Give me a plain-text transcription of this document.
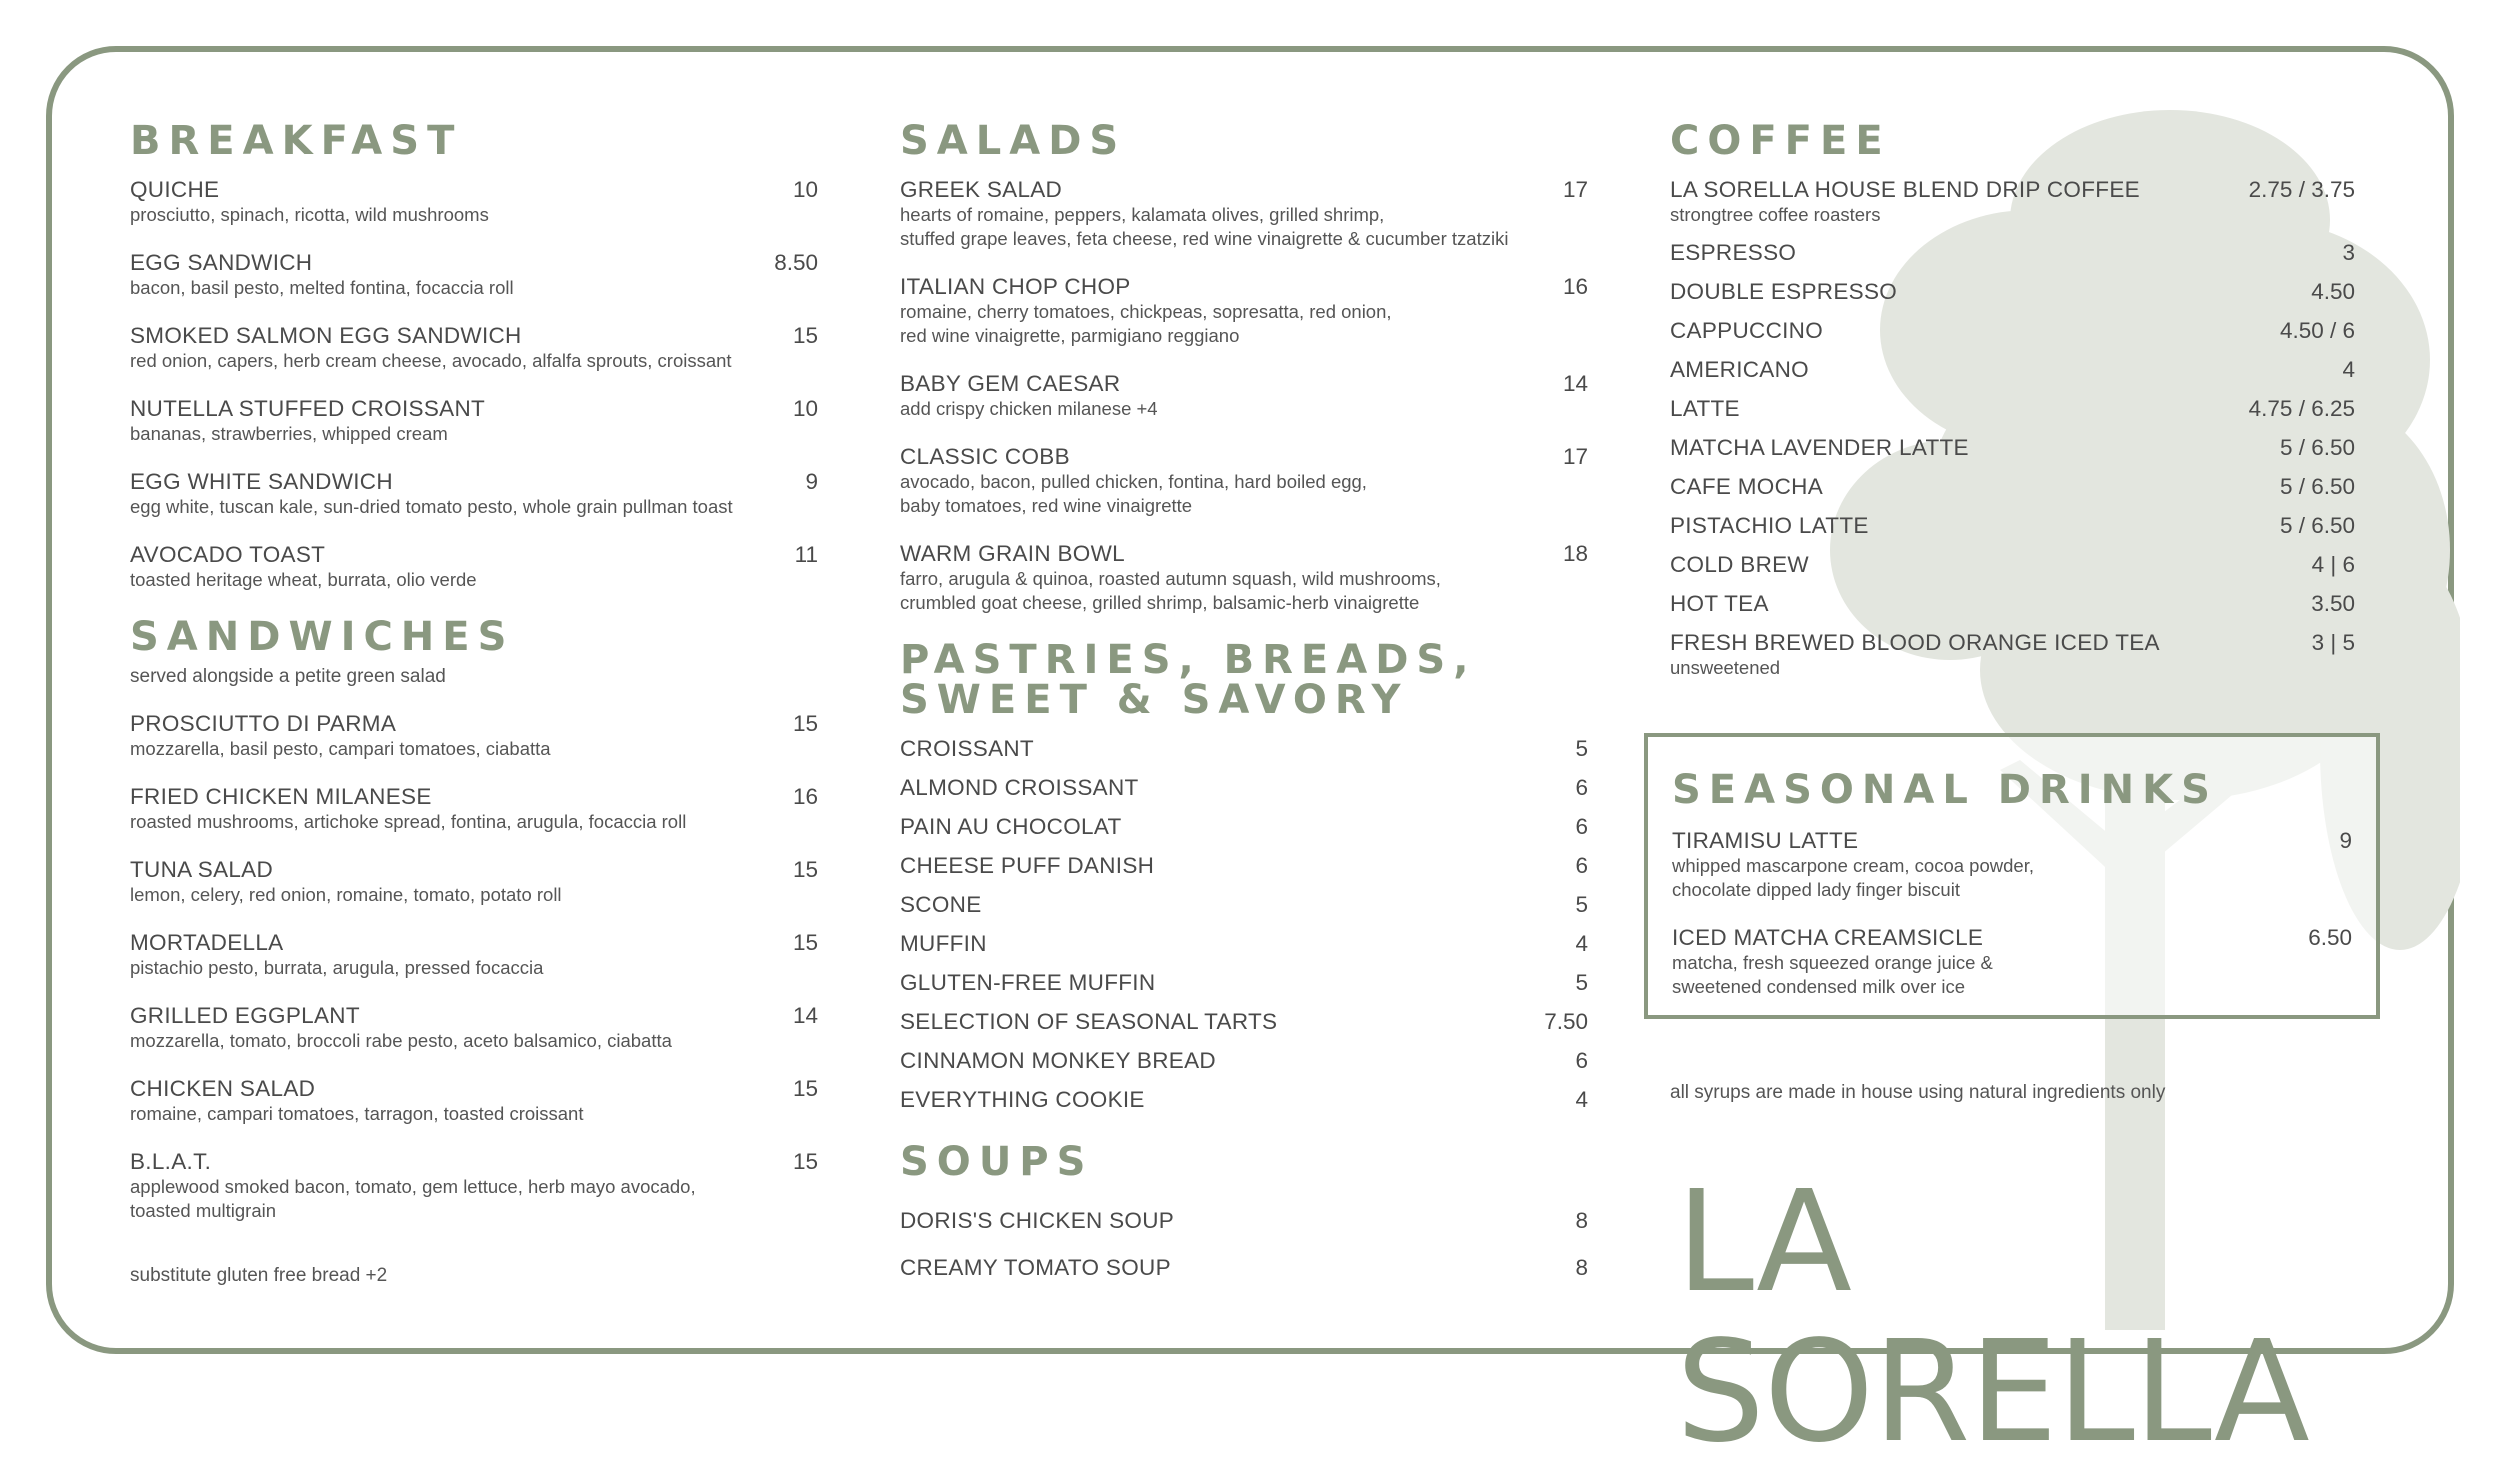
BREAKFAST
QUICHE	10
prosciutto, spinach, ricotta, wild mushrooms
EGG SANDWICH	8.50
bacon, basil pesto, melted fontina, focaccia roll
SMOKED SALMON EGG SANDWICH	15
red onion, capers, herb cream cheese, avocado, alfalfa sprouts, croissant
NUTELLA STUFFED CROISSANT	10
bananas, strawberries, whipped cream
EGG WHITE SANDWICH	9
egg white, tuscan kale, sun-dried tomato pesto, whole grain pullman toast
AVOCADO TOAST	11
toasted heritage wheat, burrata, olio verde
SANDWICHES
served alongside a petite green salad
PROSCIUTTO DI PARMA	15
mozzarella, basil pesto, campari tomatoes, ciabatta
FRIED CHICKEN MILANESE	16
roasted mushrooms, artichoke spread, fontina, arugula, focaccia roll
TUNA SALAD	15
lemon, celery, red onion, romaine, tomato, potato roll
MORTADELLA	15
pistachio pesto, burrata, arugula, pressed focaccia
GRILLED EGGPLANT	14
mozzarella, tomato, broccoli rabe pesto, aceto balsamico, ciabatta
CHICKEN SALAD	15
romaine, campari tomatoes, tarragon, toasted croissant
B.L.A.T.	15
applewood smoked bacon, tomato, gem lettuce, herb mayo avocado,
toasted multigrain
substitute gluten free bread +2
SALADS
GREEK SALAD	17
hearts of romaine, peppers, kalamata olives, grilled shrimp,
stuffed grape leaves, feta cheese, red wine vinaigrette & cucumber tzatziki
ITALIAN CHOP CHOP	16
romaine, cherry tomatoes, chickpeas, sopresatta, red onion,
red wine vinaigrette, parmigiano reggiano
BABY GEM CAESAR	14
add crispy chicken milanese +4
CLASSIC COBB	17
avocado, bacon, pulled chicken, fontina, hard boiled egg,
baby tomatoes, red wine vinaigrette
WARM GRAIN BOWL	18
farro, arugula & quinoa, roasted autumn squash, wild mushrooms,
crumbled goat cheese, grilled shrimp, balsamic-herb vinaigrette
PASTRIES, BREADS,
SWEET & SAVORY
CROISSANT	5
ALMOND CROISSANT	6
PAIN AU CHOCOLAT	6
CHEESE PUFF DANISH	6
SCONE	5
MUFFIN	4
GLUTEN-FREE MUFFIN	5
SELECTION OF SEASONAL TARTS	7.50
CINNAMON MONKEY BREAD	6
EVERYTHING COOKIE	4
SOUPS
DORIS'S CHICKEN SOUP	8
CREAMY TOMATO SOUP	8
COFFEE
LA SORELLA HOUSE BLEND DRIP COFFEE	2.75 / 3.75
strongtree coffee roasters
ESPRESSO	3
DOUBLE ESPRESSO	4.50
CAPPUCCINO	4.50 / 6
AMERICANO	4
LATTE	4.75 / 6.25
MATCHA LAVENDER LATTE	5 / 6.50
CAFE MOCHA	5 / 6.50
PISTACHIO LATTE	5 / 6.50
COLD BREW	4 | 6
HOT TEA	3.50
FRESH BREWED BLOOD ORANGE ICED TEA	3 | 5
unsweetened
SEASONAL DRINKS
TIRAMISU LATTE	9
whipped mascarpone cream, cocoa powder,
chocolate dipped lady finger biscuit
ICED MATCHA CREAMSICLE	6.50
matcha, fresh squeezed orange juice &
sweetened condensed milk over ice
all syrups are made in house using natural ingredients only
LA SORELLA
